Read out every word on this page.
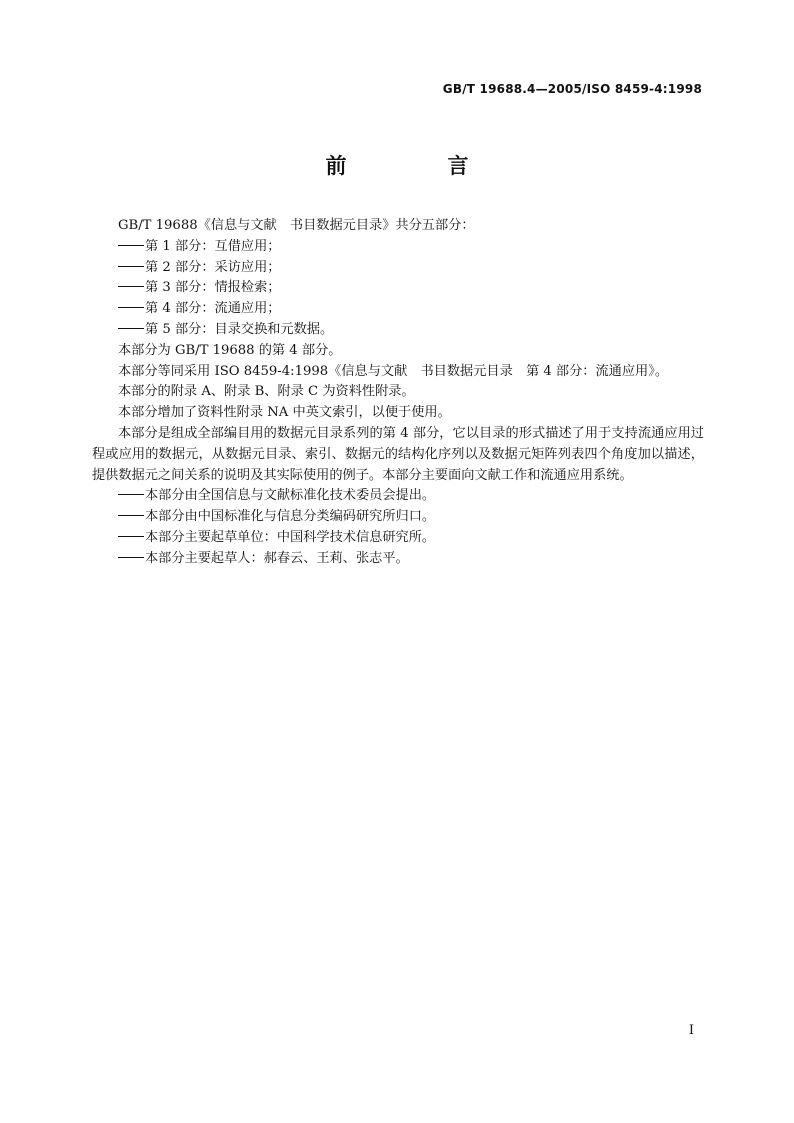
GB/T 19688.4—2005/ISO 8459-4:1998
前　言

GB/T 19688《信息与文献　书目数据元目录》共分五部分：

第 1 部分：互借应用；

第 2 部分：采访应用；

第 3 部分：情报检索；

第 4 部分：流通应用；

第 5 部分：目录交换和元数据。

本部分为 GB/T 19688 的第 4 部分。

本部分等同采用 ISO 8459-4:1998《信息与文献　书目数据元目录　第 4 部分：流通应用》。

本部分的附录 A、附录 B、附录 C 为资料性附录。

本部分增加了资料性附录 NA 中英文索引，以便于使用。

本部分是组成全部编目用的数据元目录系列的第 4 部分，它以目录的形式描述了用于支持流通应用过程或应用的数据元，从数据元目录、索引、数据元的结构化序列以及数据元矩阵列表四个角度加以描述，提供数据元之间关系的说明及其实际使用的例子。本部分主要面向文献工作和流通应用系统。

本部分由全国信息与文献标准化技术委员会提出。

本部分由中国标准化与信息分类编码研究所归口。

本部分主要起草单位：中国科学技术信息研究所。

本部分主要起草人：郝春云、王莉、张志平。

I
